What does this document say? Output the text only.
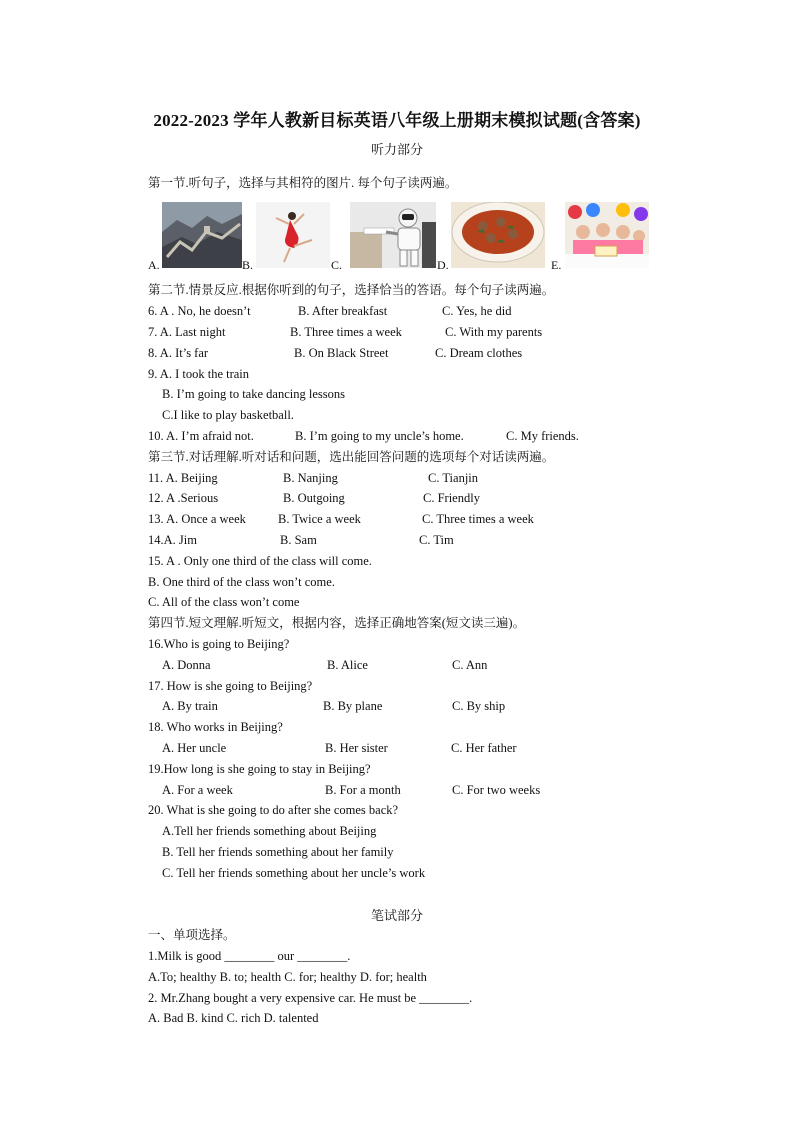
2022-2023 学年人教新目标英语八年级上册期末模拟试题(含答案)
听力部分
第一节.听句子，选择与其相符的图片. 每个句子读两遍。
A.	B.	C.	D.	E.
第二节.情景反应.根据你听到的句子，选择恰当的答语。每个句子读两遍。
6. A . No, he doesn’t	B. After breakfast	C. Yes, he did
7. A. Last night	B. Three times a week	C. With my parents
8. A. It’s far	B. On Black Street	C. Dream clothes
9. A. I took the train
B. I’m going to take dancing lessons
C.I like to play basketball.
10. A. I’m afraid not.	B. I’m going to my uncle’s home.	C. My friends.
第三节.对话理解.听对话和问题，选出能回答问题的选项每个对话读两遍。
11. A. Beijing	B. Nanjing	C. Tianjin
12. A .Serious	B. Outgoing	C. Friendly
13. A. Once a week	B. Twice a week	C. Three times a week
14.A. Jim	B. Sam	C. Tim
15. A . Only one third of the class will come.
B. One third of the class won’t come.
C. All of the class won’t come
第四节.短文理解.听短文，根据内容，选择正确地答案(短文读三遍)。
16.Who is going to Beijing?
A. Donna	B. Alice	C. Ann
17. How is she going to Beijing?
A. By train	B. By plane	C. By ship
18. Who works in Beijing?
A. Her uncle	B. Her sister	C. Her father
19.How long is she going to stay in Beijing?
A. For a week	B. For a month	C. For two weeks
20. What is she going to do after she comes back?
A.Tell her friends something about Beijing
B. Tell her friends something about her family
C. Tell her friends something about her uncle’s work
笔试部分
一、单项选择。
1.Milk is good ________ our ________.
A.To; healthy B. to; health C. for; healthy D. for; health
2. Mr.Zhang bought a very expensive car. He must be ________.
A. Bad B. kind C. rich D. talented
